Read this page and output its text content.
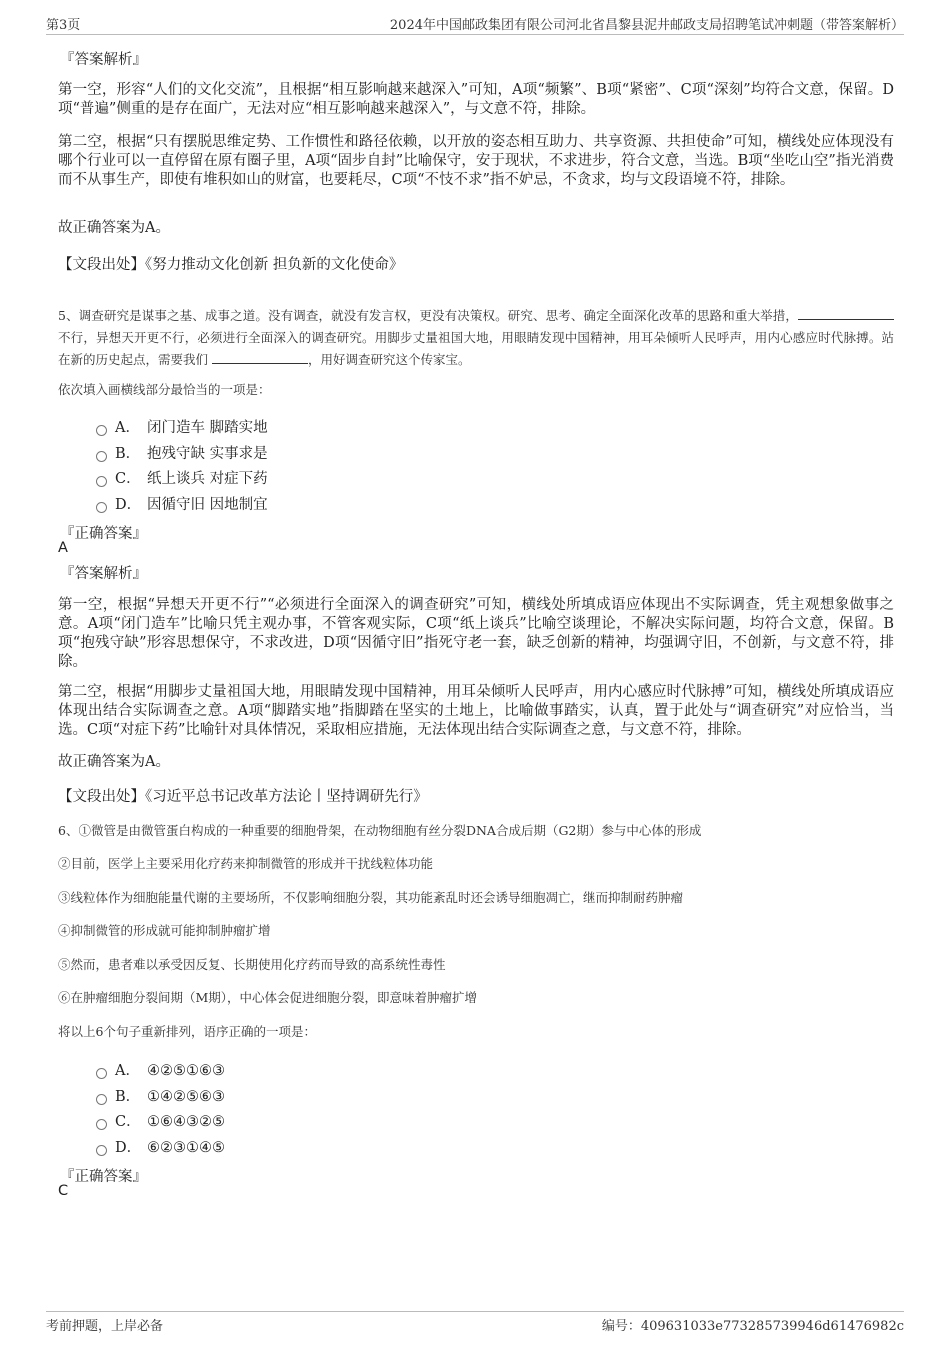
第3页	2024年中国邮政集团有限公司河北省昌黎县泥井邮政支局招聘笔试冲刺题（带答案解析）
『答案解析』
第一空，形容“人们的文化交流”，且根据“相互影响越来越深入”可知，A项“频繁”、B项“紧密”、C项“深刻”均符合文意，保留。D项“普遍”侧重的是存在面广，无法对应“相互影响越来越深入”，与文意不符，排除。
第二空，根据“只有摆脱思维定势、工作惯性和路径依赖，以开放的姿态相互助力、共享资源、共担使命”可知，横线处应体现没有哪个行业可以一直停留在原有圈子里，A项“固步自封”比喻保守，安于现状，不求进步，符合文意，当选。B项“坐吃山空”指光消费而不从事生产，即使有堆积如山的财富，也要耗尽，C项“不忮不求”指不妒忌，不贪求，均与文段语境不符，排除。
故正确答案为A。
【文段出处】《努力推动文化创新 担负新的文化使命》
5、调查研究是谋事之基、成事之道。没有调查，就没有发言权，更没有决策权。研究、思考、确定全面深化改革的思路和重大举措，不行，异想天开更不行，必须进行全面深入的调查研究。用脚步丈量祖国大地，用眼睛发现中国精神，用耳朵倾听人民呼声，用内心感应时代脉搏。站在新的历史起点，需要我们	，用好调查研究这个传家宝。
依次填入画横线部分最恰当的一项是：
A． 闭门造车 脚踏实地
B． 抱残守缺 实事求是
C． 纸上谈兵 对症下药
D． 因循守旧 因地制宜
『正确答案』
A
『答案解析』
第一空，根据“异想天开更不行”“必须进行全面深入的调查研究”可知，横线处所填成语应体现出不实际调查，凭主观想象做事之意。A项“闭门造车”比喻只凭主观办事，不管客观实际，C项“纸上谈兵”比喻空谈理论，不解决实际问题，均符合文意，保留。B项“抱残守缺”形容思想保守，不求改进，D项“因循守旧”指死守老一套，缺乏创新的精神，均强调守旧，不创新，与文意不符，排除。
第二空，根据“用脚步丈量祖国大地，用眼睛发现中国精神，用耳朵倾听人民呼声，用内心感应时代脉搏”可知，横线处所填成语应体现出结合实际调查之意。A项“脚踏实地”指脚踏在坚实的土地上，比喻做事踏实，认真，置于此处与“调查研究”对应恰当，当选。C项“对症下药”比喻针对具体情况，采取相应措施，无法体现出结合实际调查之意，与文意不符，排除。
故正确答案为A。
【文段出处】《习近平总书记改革方法论丨坚持调研先行》
6、①微管是由微管蛋白构成的一种重要的细胞骨架，在动物细胞有丝分裂DNA合成后期（G2期）参与中心体的形成
②目前，医学上主要采用化疗药来抑制微管的形成并干扰线粒体功能
③线粒体作为细胞能量代谢的主要场所，不仅影响细胞分裂，其功能紊乱时还会诱导细胞凋亡，继而抑制耐药肿瘤
④抑制微管的形成就可能抑制肿瘤扩增
⑤然而，患者难以承受因反复、长期使用化疗药而导致的高系统性毒性
⑥在肿瘤细胞分裂间期（M期），中心体会促进细胞分裂，即意味着肿瘤扩增
将以上6个句子重新排列，语序正确的一项是：
A． ④②⑤①⑥③
B． ①④②⑤⑥③
C． ①⑥④③②⑤
D． ⑥②③①④⑤
『正确答案』
C
考前押题，上岸必备	编号：409631033e773285739946d61476982c
